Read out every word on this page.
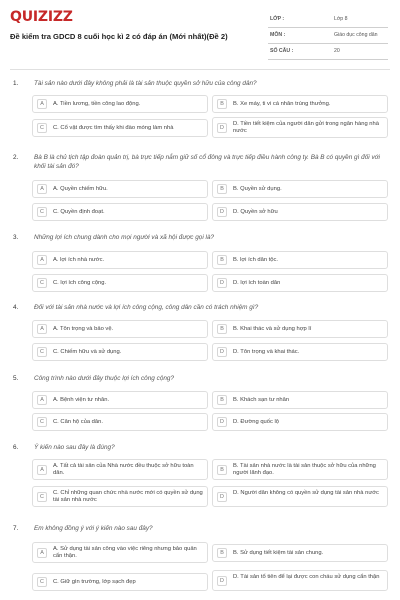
QUIZIZZ
Đề kiểm tra GDCD 8 cuối học kì 2 có đáp án (Mới nhất)(Đề 2)
LỚP :	Lớp 8
MÔN :	Giáo dục công dân
SỐ CÂU :	20
1. Tài sản nào dưới đây không phải là tài sản thuộc quyền sở hữu của công dân?
A	A. Tiền lương, tiền công lao động.	B	B. Xe máy, ti vi cá nhân trúng thưởng.
C	C. Cổ vật được tìm thấy khi đào móng làm nhà	D
D. Tiền tiết kiệm của người dân gửi trong ngân hàng nhà nước
2. Bà B là chủ tịch tập đoàn quản trị, bà trực tiếp nắm giữ số cổ đông và trực tiếp điều hành công ty. Bà B có quyền gì đối với khối tài sản đó?
A	A. Quyền chiếm hữu.	B	B. Quyền sử dụng.
C	C. Quyền định đoạt.	D	D. Quyền sở hữu
3. Những lợi ích chung dành cho mọi người và xã hội được gọi là?
A	A. lợi ích nhà nước.	B	B. lợi ích dân tộc.
C	C. lợi ích công cộng.	D	D. lợi ích toàn dân
4. Đối với tài sản nhà nước và lợi ích công cộng, công dân cần có trách nhiệm gì?
A	A. Tôn trọng và bảo vệ.	B	B. Khai thác và sử dụng hợp lí
C	C. Chiếm hữu và sử dụng.	D	D. Tôn trọng và khai thác.
5. Công trình nào dưới đây thuộc lợi ích công cộng?
A	A. Bệnh viện tư nhân.	B	B. Khách sạn tư nhân
C	C. Căn hộ của dân.	D	D. Đường quốc lộ
6. Ý kiến nào sau đây là đúng?
A
A. Tất cả tài sản của Nhà nước đều thuộc sở hữu toàn dân.
B
B. Tài sản nhà nước là tài sản thuộc sở hữu của những người lãnh đạo.
C
C. Chỉ những quan chức nhà nước mới có quyền sử dụng tài sản nhà nước
D
D. Người dân không có quyền sử dụng tài sản nhà nước
7. Em không đồng ý với ý kiến nào sau đây?
A
A. Sử dụng tài sản công vào việc riêng nhưng bảo quản cẩn thận.
B	B. Sử dụng tiết kiệm tài sản chung.
C	C. Giữ gìn trường, lớp sạch đẹp	D
D. Tài sản tổ tiên để lại được con cháu sử dụng cẩn thận
